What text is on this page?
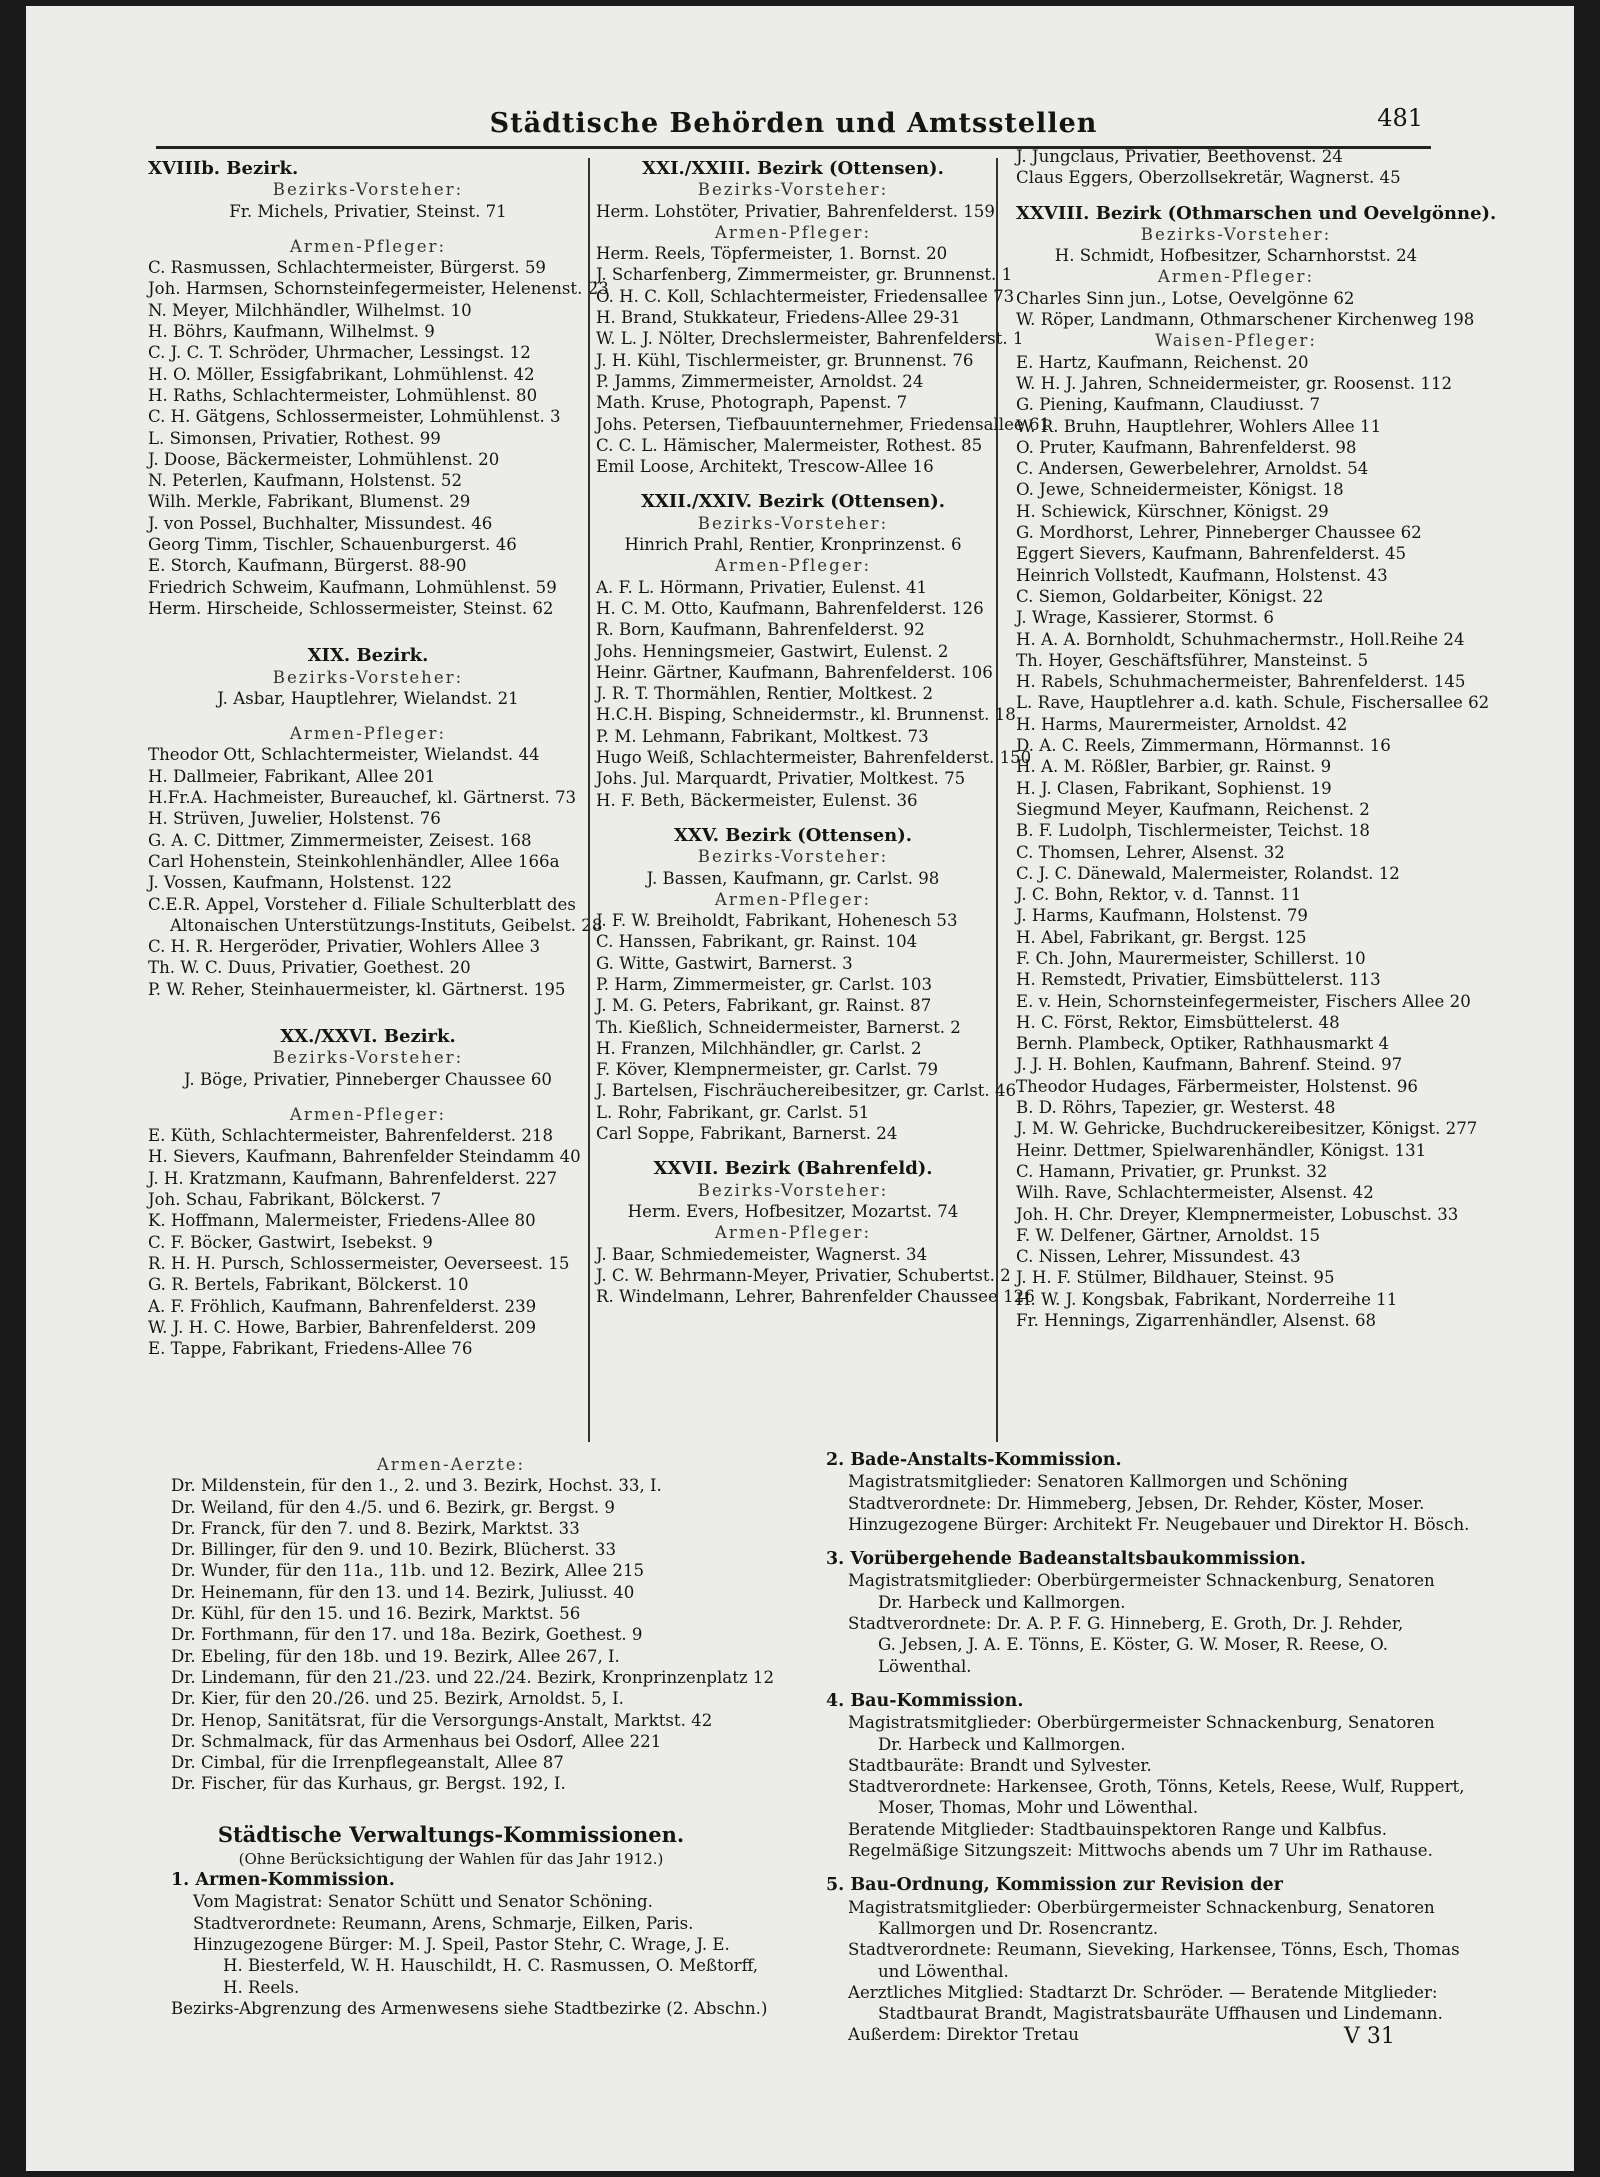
Städtische Behörden und Amtsstellen	481
XVIIIb. Bezirk.
Bezirks-Vorsteher:
Fr. Michels, Privatier, Steinst. 71
Armen-Pfleger:
C. Rasmussen, Schlachtermeister, Bürgerst. 59
Joh. Harmsen, Schornsteinfegermeister, Helenenst. 23
N. Meyer, Milchhändler, Wilhelmst. 10
H. Böhrs, Kaufmann, Wilhelmst. 9
C. J. C. T. Schröder, Uhrmacher, Lessingst. 12
H. O. Möller, Essigfabrikant, Lohmühlenst. 42
H. Raths, Schlachtermeister, Lohmühlenst. 80
C. H. Gätgens, Schlossermeister, Lohmühlenst. 3
L. Simonsen, Privatier, Rothest. 99
J. Doose, Bäckermeister, Lohmühlenst. 20
N. Peterlen, Kaufmann, Holstenst. 52
Wilh. Merkle, Fabrikant, Blumenst. 29
J. von Possel, Buchhalter, Missundest. 46
Georg Timm, Tischler, Schauenburgerst. 46
E. Storch, Kaufmann, Bürgerst. 88-90
Friedrich Schweim, Kaufmann, Lohmühlenst. 59
Herm. Hirscheide, Schlossermeister, Steinst. 62
XIX. Bezirk.
Bezirks-Vorsteher:
J. Asbar, Hauptlehrer, Wielandst. 21
Armen-Pfleger:
Theodor Ott, Schlachtermeister, Wielandst. 44
H. Dallmeier, Fabrikant, Allee 201
H.Fr.A. Hachmeister, Bureauchef, kl. Gärtnerst. 73
H. Strüven, Juwelier, Holstenst. 76
G. A. C. Dittmer, Zimmermeister, Zeisest. 168
Carl Hohenstein, Steinkohlenhändler, Allee 166a
J. Vossen, Kaufmann, Holstenst. 122
C.E.R. Appel, Vorsteher d. Filiale Schulterblatt des
Altonaischen Unterstützungs-Instituts, Geibelst. 28
C. H. R. Hergeröder, Privatier, Wohlers Allee 3
Th. W. C. Duus, Privatier, Goethest. 20
P. W. Reher, Steinhauermeister, kl. Gärtnerst. 195
XX./XXVI. Bezirk.
Bezirks-Vorsteher:
J. Böge, Privatier, Pinneberger Chaussee 60
Armen-Pfleger:
E. Küth, Schlachtermeister, Bahrenfelderst. 218
H. Sievers, Kaufmann, Bahrenfelder Steindamm 40
J. H. Kratzmann, Kaufmann, Bahrenfelderst. 227
Joh. Schau, Fabrikant, Bölckerst. 7
K. Hoffmann, Malermeister, Friedens-Allee 80
C. F. Böcker, Gastwirt, Isebekst. 9
R. H. H. Pursch, Schlossermeister, Oeverseest. 15
G. R. Bertels, Fabrikant, Bölckerst. 10
A. F. Fröhlich, Kaufmann, Bahrenfelderst. 239
W. J. H. C. Howe, Barbier, Bahrenfelderst. 209
E. Tappe, Fabrikant, Friedens-Allee 76
XXI./XXIII. Bezirk (Ottensen).
Bezirks-Vorsteher:
Herm. Lohstöter, Privatier, Bahrenfelderst. 159
Armen-Pfleger:
Herm. Reels, Töpfermeister, 1. Bornst. 20
J. Scharfenberg, Zimmermeister, gr. Brunnenst. 1
O. H. C. Koll, Schlachtermeister, Friedensallee 73
H. Brand, Stukkateur, Friedens-Allee 29-31
W. L. J. Nölter, Drechslermeister, Bahrenfelderst. 1
J. H. Kühl, Tischlermeister, gr. Brunnenst. 76
P. Jamms, Zimmermeister, Arnoldst. 24
Math. Kruse, Photograph, Papenst. 7
Johs. Petersen, Tiefbauunternehmer, Friedensallee 61
C. C. L. Hämischer, Malermeister, Rothest. 85
Emil Loose, Architekt, Trescow-Allee 16
XXII./XXIV. Bezirk (Ottensen).
Bezirks-Vorsteher:
Hinrich Prahl, Rentier, Kronprinzenst. 6
Armen-Pfleger:
A. F. L. Hörmann, Privatier, Eulenst. 41
H. C. M. Otto, Kaufmann, Bahrenfelderst. 126
R. Born, Kaufmann, Bahrenfelderst. 92
Johs. Henningsmeier, Gastwirt, Eulenst. 2
Heinr. Gärtner, Kaufmann, Bahrenfelderst. 106
J. R. T. Thormählen, Rentier, Moltkest. 2
H.C.H. Bisping, Schneidermstr., kl. Brunnenst. 18
P. M. Lehmann, Fabrikant, Moltkest. 73
Hugo Weiß, Schlachtermeister, Bahrenfelderst. 150
Johs. Jul. Marquardt, Privatier, Moltkest. 75
H. F. Beth, Bäckermeister, Eulenst. 36
XXV. Bezirk (Ottensen).
Bezirks-Vorsteher:
J. Bassen, Kaufmann, gr. Carlst. 98
Armen-Pfleger:
J. F. W. Breiholdt, Fabrikant, Hohenesch 53
C. Hanssen, Fabrikant, gr. Rainst. 104
G. Witte, Gastwirt, Barnerst. 3
P. Harm, Zimmermeister, gr. Carlst. 103
J. M. G. Peters, Fabrikant, gr. Rainst. 87
Th. Kießlich, Schneidermeister, Barnerst. 2
H. Franzen, Milchhändler, gr. Carlst. 2
F. Köver, Klempnermeister, gr. Carlst. 79
J. Bartelsen, Fischräuchereibesitzer, gr. Carlst. 46
L. Rohr, Fabrikant, gr. Carlst. 51
Carl Soppe, Fabrikant, Barnerst. 24
XXVII. Bezirk (Bahrenfeld).
Bezirks-Vorsteher:
Herm. Evers, Hofbesitzer, Mozartst. 74
Armen-Pfleger:
J. Baar, Schmiedemeister, Wagnerst. 34
J. C. W. Behrmann-Meyer, Privatier, Schubertst. 2
R. Windelmann, Lehrer, Bahrenfelder Chaussee 126
J. Jungclaus, Privatier, Beethovenst. 24
Claus Eggers, Oberzollsekretär, Wagnerst. 45
XXVIII. Bezirk (Othmarschen und Oevelgönne).
Bezirks-Vorsteher:
H. Schmidt, Hofbesitzer, Scharnhorstst. 24
Armen-Pfleger:
Charles Sinn jun., Lotse, Oevelgönne 62
W. Röper, Landmann, Othmarschener Kirchenweg 198
Waisen-Pfleger:
E. Hartz, Kaufmann, Reichenst. 20
W. H. J. Jahren, Schneidermeister, gr. Roosenst. 112
G. Piening, Kaufmann, Claudiusst. 7
W. R. Bruhn, Hauptlehrer, Wohlers Allee 11
O. Pruter, Kaufmann, Bahrenfelderst. 98
C. Andersen, Gewerbelehrer, Arnoldst. 54
O. Jewe, Schneidermeister, Königst. 18
H. Schiewick, Kürschner, Königst. 29
G. Mordhorst, Lehrer, Pinneberger Chaussee 62
Eggert Sievers, Kaufmann, Bahrenfelderst. 45
Heinrich Vollstedt, Kaufmann, Holstenst. 43
C. Siemon, Goldarbeiter, Königst. 22
J. Wrage, Kassierer, Stormst. 6
H. A. A. Bornholdt, Schuhmachermstr., Holl.Reihe 24
Th. Hoyer, Geschäftsführer, Mansteinst. 5
H. Rabels, Schuhmachermeister, Bahrenfelderst. 145
L. Rave, Hauptlehrer a.d. kath. Schule, Fischersallee 62
H. Harms, Maurermeister, Arnoldst. 42
D. A. C. Reels, Zimmermann, Hörmannst. 16
H. A. M. Rößler, Barbier, gr. Rainst. 9
H. J. Clasen, Fabrikant, Sophienst. 19
Siegmund Meyer, Kaufmann, Reichenst. 2
B. F. Ludolph, Tischlermeister, Teichst. 18
C. Thomsen, Lehrer, Alsenst. 32
C. J. C. Dänewald, Malermeister, Rolandst. 12
J. C. Bohn, Rektor, v. d. Tannst. 11
J. Harms, Kaufmann, Holstenst. 79
H. Abel, Fabrikant, gr. Bergst. 125
F. Ch. John, Maurermeister, Schillerst. 10
H. Remstedt, Privatier, Eimsbüttelerst. 113
E. v. Hein, Schornsteinfegermeister, Fischers Allee 20
H. C. Först, Rektor, Eimsbüttelerst. 48
Bernh. Plambeck, Optiker, Rathhausmarkt 4
J. J. H. Bohlen, Kaufmann, Bahrenf. Steind. 97
Theodor Hudages, Färbermeister, Holstenst. 96
B. D. Röhrs, Tapezier, gr. Westerst. 48
J. M. W. Gehricke, Buchdruckereibesitzer, Königst. 277
Heinr. Dettmer, Spielwarenhändler, Königst. 131
C. Hamann, Privatier, gr. Prunkst. 32
Wilh. Rave, Schlachtermeister, Alsenst. 42
Joh. H. Chr. Dreyer, Klempnermeister, Lobuschst. 33
F. W. Delfener, Gärtner, Arnoldst. 15
C. Nissen, Lehrer, Missundest. 43
J. H. F. Stülmer, Bildhauer, Steinst. 95
H. W. J. Kongsbak, Fabrikant, Norderreihe 11
Fr. Hennings, Zigarrenhändler, Alsenst. 68
Armen-Aerzte:
Dr. Mildenstein, für den 1., 2. und 3. Bezirk, Hochst. 33, I.
Dr. Weiland, für den 4./5. und 6. Bezirk, gr. Bergst. 9
Dr. Franck, für den 7. und 8. Bezirk, Marktst. 33
Dr. Billinger, für den 9. und 10. Bezirk, Blücherst. 33
Dr. Wunder, für den 11a., 11b. und 12. Bezirk, Allee 215
Dr. Heinemann, für den 13. und 14. Bezirk, Juliusst. 40
Dr. Kühl, für den 15. und 16. Bezirk, Marktst. 56
Dr. Forthmann, für den 17. und 18a. Bezirk, Goethest. 9
Dr. Ebeling, für den 18b. und 19. Bezirk, Allee 267, I.
Dr. Lindemann, für den 21./23. und 22./24. Bezirk, Kronprinzenplatz 12
Dr. Kier, für den 20./26. und 25. Bezirk, Arnoldst. 5, I.
Dr. Henop, Sanitätsrat, für die Versorgungs-Anstalt, Marktst. 42
Dr. Schmalmack, für das Armenhaus bei Osdorf, Allee 221
Dr. Cimbal, für die Irrenpflegeanstalt, Allee 87
Dr. Fischer, für das Kurhaus, gr. Bergst. 192, I.
Städtische Verwaltungs-Kommissionen.
(Ohne Berücksichtigung der Wahlen für das Jahr 1912.)
1. Armen-Kommission.
Vom Magistrat: Senator Schütt und Senator Schöning.
Stadtverordnete: Reumann, Arens, Schmarje, Eilken, Paris.
Hinzugezogene Bürger: M. J. Speil, Pastor Stehr, C. Wrage, J. E.
H. Biesterfeld, W. H. Hauschildt, H. C. Rasmussen, O. Meßtorff,
H. Reels.
Bezirks-Abgrenzung des Armenwesens siehe Stadtbezirke (2. Abschn.)
2. Bade-Anstalts-Kommission.
Magistratsmitglieder: Senatoren Kallmorgen und Schöning
Stadtverordnete: Dr. Himmeberg, Jebsen, Dr. Rehder, Köster, Moser.
Hinzugezogene Bürger: Architekt Fr. Neugebauer und Direktor H. Bösch.
3. Vorübergehende Badeanstaltsbaukommission.
Magistratsmitglieder: Oberbürgermeister Schnackenburg, Senatoren
Dr. Harbeck und Kallmorgen.
Stadtverordnete: Dr. A. P. F. G. Hinneberg, E. Groth, Dr. J. Rehder,
G. Jebsen, J. A. E. Tönns, E. Köster, G. W. Moser, R. Reese, O.
Löwenthal.
4. Bau-Kommission.
Magistratsmitglieder: Oberbürgermeister Schnackenburg, Senatoren
Dr. Harbeck und Kallmorgen.
Stadtbauräte: Brandt und Sylvester.
Stadtverordnete: Harkensee, Groth, Tönns, Ketels, Reese, Wulf, Ruppert,
Moser, Thomas, Mohr und Löwenthal.
Beratende Mitglieder: Stadtbauinspektoren Range und Kalbfus.
Regelmäßige Sitzungszeit: Mittwochs abends um 7 Uhr im Rathause.
5. Bau-Ordnung, Kommission zur Revision der
Magistratsmitglieder: Oberbürgermeister Schnackenburg, Senatoren
Kallmorgen und Dr. Rosencrantz.
Stadtverordnete: Reumann, Sieveking, Harkensee, Tönns, Esch, Thomas
und Löwenthal.
Aerztliches Mitglied: Stadtarzt Dr. Schröder. — Beratende Mitglieder:
Stadtbaurat Brandt, Magistratsbauräte Uffhausen und Lindemann.
Außerdem: Direktor Tretau	V 31
